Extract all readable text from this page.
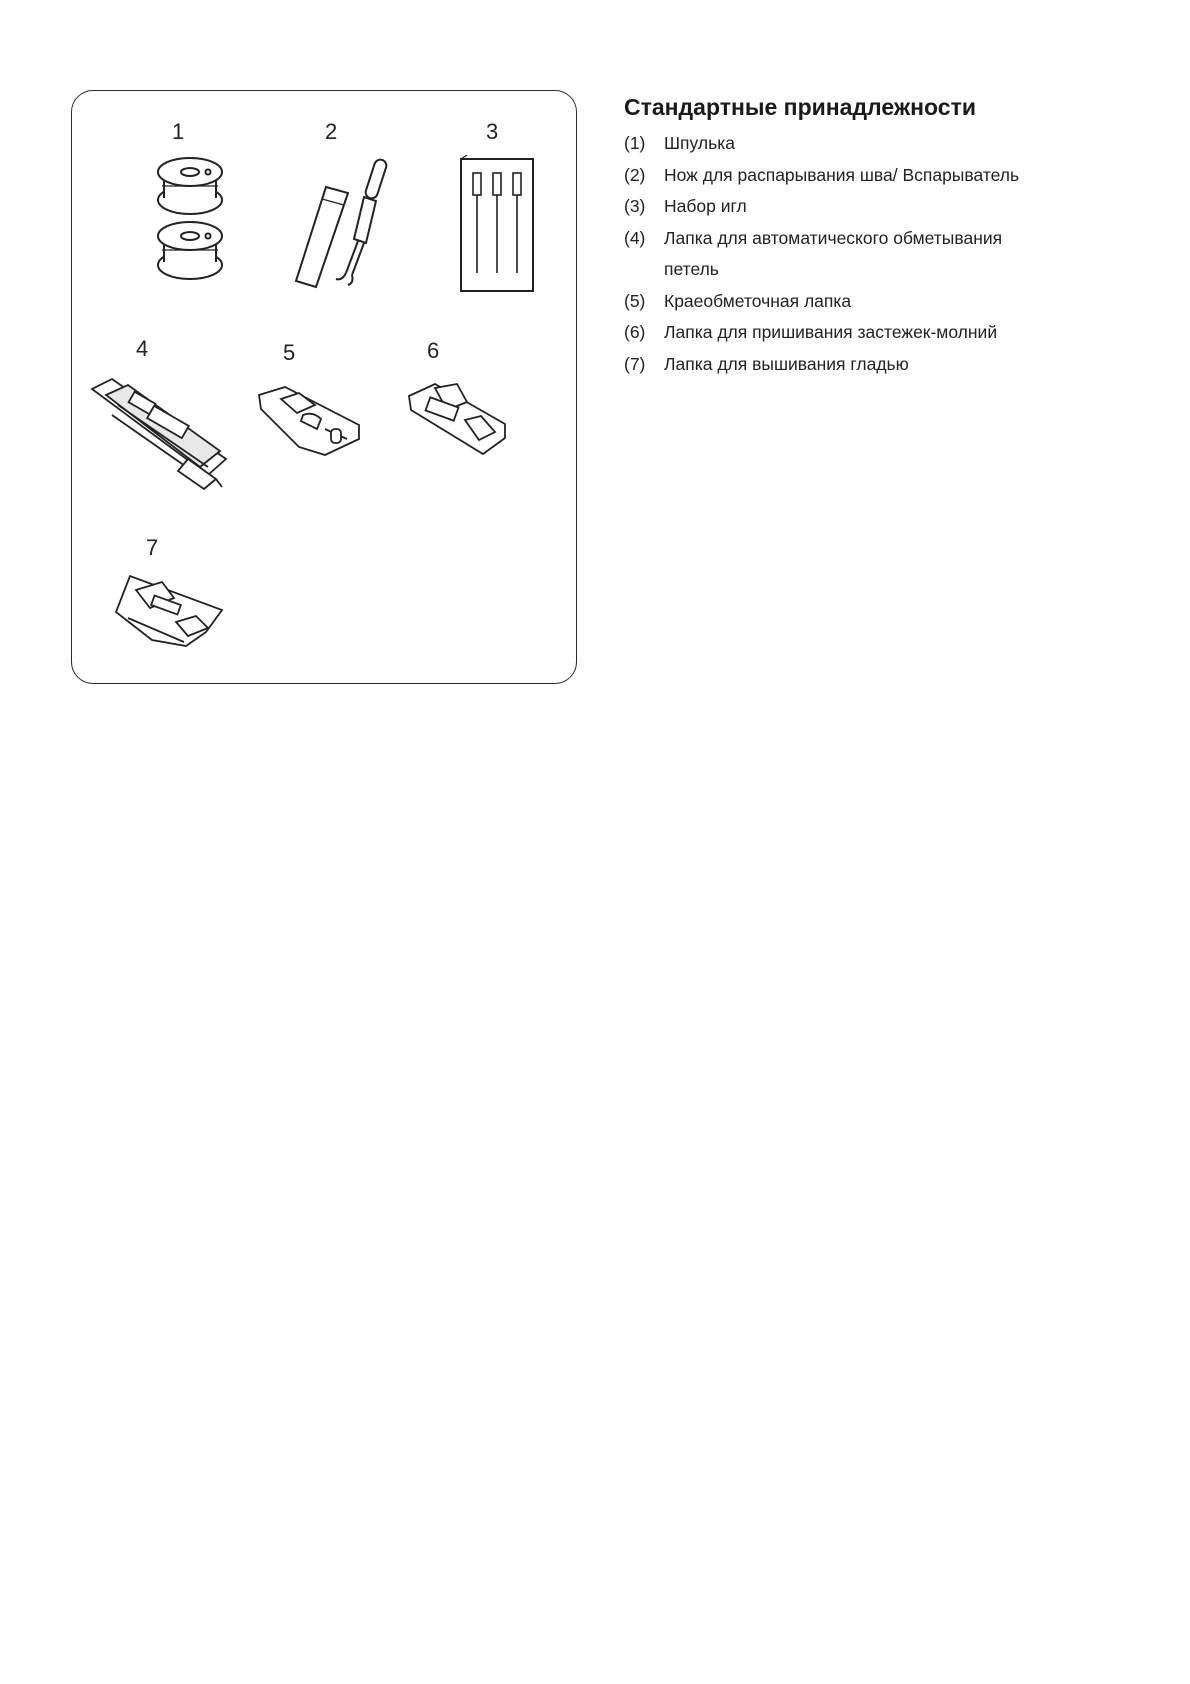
1	2	3
4	5	6
7
Стандартные принадлежности
(1) Шпулька
(2) Нож для распарывания шва/ Вспарыватель
(3) Набор игл
(4) Лапка для автоматического обметывания
петель
(5) Краеобметочная лапка
(6) Лапка для пришивания застежек-молний
(7) Лапка для вышивания гладью
